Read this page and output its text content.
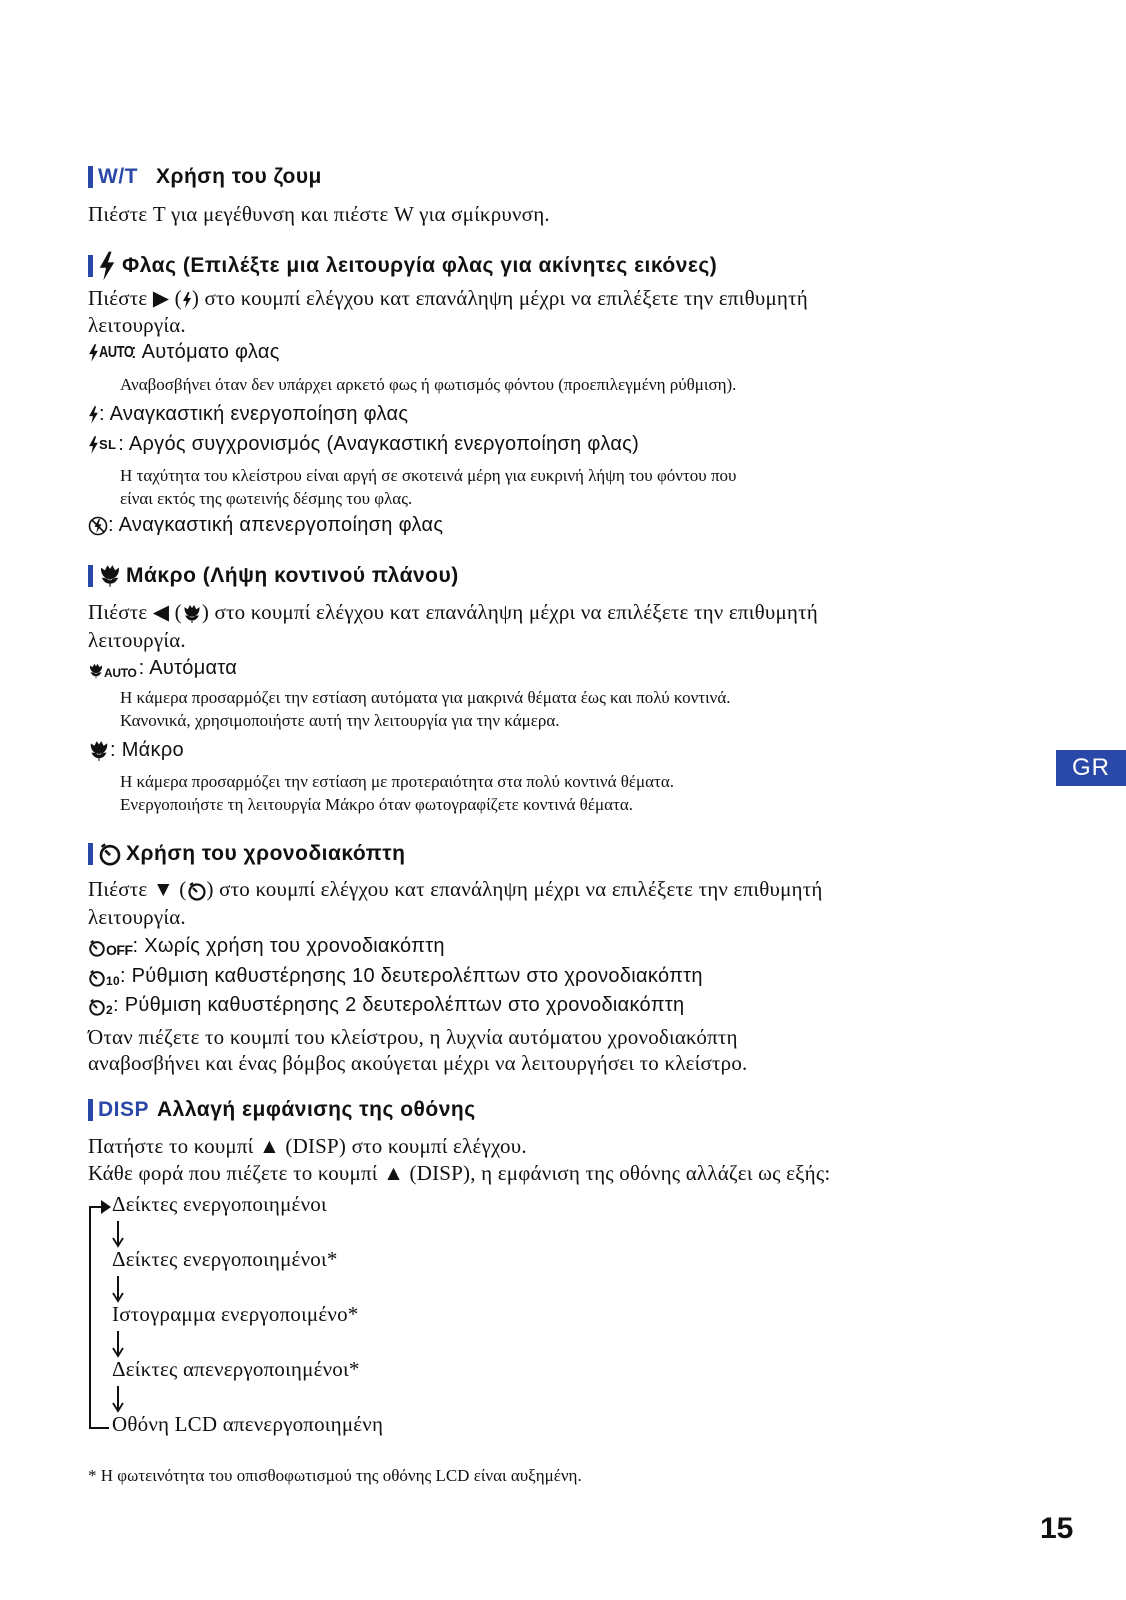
W/T Χρήση του ζουμ
Πιέστε T για μεγέθυνση και πιέστε W για σμίκρυνση.
Φλας (Επιλέξτε μια λειτουργία φλας για ακίνητες εικόνες)
Πιέστε ▶ ( ) στο κουμπί ελέγχου κατ επανάληψη μέχρι να επιλέξετε την επιθυμητή
λειτουργία.
AUTO
: Αυτόματο φλας
Αναβοσβήνει όταν δεν υπάρχει αρκετό φως ή φωτισμός φόντου (προεπιλεγμένη ρύθμιση).
: Αναγκαστική ενεργοποίηση φλας
SL : Αργός συγχρονισμός (Αναγκαστική ενεργοποίηση φλας)
Η ταχύτητα του κλείστρου είναι αργή σε σκοτεινά μέρη για ευκρινή λήψη του φόντου που
είναι εκτός της φωτεινής δέσμης του φλας.
: Αναγκαστική απενεργοποίηση φλας
Μάκρο (Λήψη κοντινού πλάνου)
Πιέστε ◀ ( ) στο κουμπί ελέγχου κατ επανάληψη μέχρι να επιλέξετε την επιθυμητή
λειτουργία.
AUTO : Αυτόματα
Η κάμερα προσαρμόζει την εστίαση αυτόματα για μακρινά θέματα έως και πολύ κοντινά.
Κανονικά, χρησιμοποιήστε αυτή την λειτουργία για την κάμερα.
: Μάκρο
Η κάμερα προσαρμόζει την εστίαση με προτεραιότητα στα πολύ κοντινά θέματα.
Ενεργοποιήστε τη λειτουργία Μάκρο όταν φωτογραφίζετε κοντινά θέματα.
Χρήση του χρονοδιακόπτη
Πιέστε ▼ ( ) στο κουμπί ελέγχου κατ επανάληψη μέχρι να επιλέξετε την επιθυμητή
λειτουργία.
OFF : Χωρίς χρήση του χρονοδιακόπτη
10 : Ρύθμιση καθυστέρησης 10 δευτερολέπτων στο χρονοδιακόπτη
2 : Ρύθμιση καθυστέρησης 2 δευτερολέπτων στο χρονοδιακόπτη
Όταν πιέζετε το κουμπί του κλείστρου, η λυχνία αυτόματου χρονοδιακόπτη
αναβοσβήνει και ένας βόμβος ακούγεται μέχρι να λειτουργήσει το κλείστρο.
DISP Αλλαγή εμφάνισης της οθόνης
Πατήστε το κουμπί ▲ (DISP) στο κουμπί ελέγχου.
Κάθε φορά που πιέζετε το κουμπί ▲ (DISP), η εμφάνιση της οθόνης αλλάζει ως εξής:
Δείκτες ενεργοποιημένοι
Δείκτες ενεργοποιημένοι*
Ιστογραμμα ενεργοποιμένο*
Δείκτες απενεργοποιημένοι*
Οθόνη LCD απενεργοποιημένη
* Η φωτεινότητα του οπισθοφωτισμού της οθόνης LCD είναι αυξημένη.
GR
15
